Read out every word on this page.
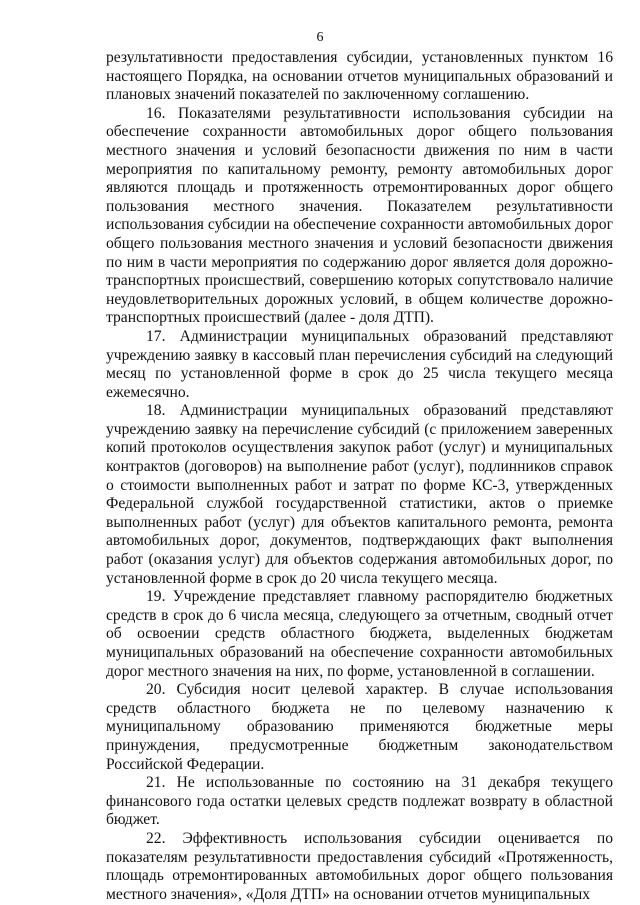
6

результативности предоставления субсидии, установленных пунктом 16 настоящего Порядка, на основании отчетов муниципальных образований и плановых значений показателей по заключенному соглашению.

16. Показателями результативности использования субсидии на обеспечение сохранности автомобильных дорог общего пользования местного значения и условий безопасности движения по ним в части мероприятия по капитальному ремонту, ремонту автомобильных дорог являются площадь и протяженность отремонтированных дорог общего пользования местного значения. Показателем результативности использования субсидии на обеспечение сохранности автомобильных дорог общего пользования местного значения и условий безопасности движения по ним в части мероприятия по содержанию дорог является доля дорожно-транспортных происшествий, совершению которых сопутствовало наличие неудовлетворительных дорожных условий, в общем количестве дорожно-транспортных происшествий (далее - доля ДТП).

17. Администрации муниципальных образований представляют учреждению заявку в кассовый план перечисления субсидий на следующий месяц по установленной форме в срок до 25 числа текущего месяца ежемесячно.

18. Администрации муниципальных образований представляют учреждению заявку на перечисление субсидий (с приложением заверенных копий протоколов осуществления закупок работ (услуг) и муниципальных контрактов (договоров) на выполнение работ (услуг), подлинников справок о стоимости выполненных работ и затрат по форме КС-3, утвержденных Федеральной службой государственной статистики, актов о приемке выполненных работ (услуг) для объектов капитального ремонта, ремонта автомобильных дорог, документов, подтверждающих факт выполнения работ (оказания услуг) для объектов содержания автомобильных дорог, по установленной форме в срок до 20 числа текущего месяца.

19. Учреждение представляет главному распорядителю бюджетных средств в срок до 6 числа месяца, следующего за отчетным, сводный отчет об освоении средств областного бюджета, выделенных бюджетам муниципальных образований на обеспечение сохранности автомобильных дорог местного значения на них, по форме, установленной в соглашении.

20. Субсидия носит целевой характер. В случае использования средств областного бюджета не по целевому назначению к муниципальному образованию применяются бюджетные меры принуждения, предусмотренные бюджетным законодательством Российской Федерации.

21. Не использованные по состоянию на 31 декабря текущего финансового года остатки целевых средств подлежат возврату в областной бюджет.

22. Эффективность использования субсидии оценивается по показателям результативности предоставления субсидий «Протяженность, площадь отремонтированных автомобильных дорог общего пользования местного значения», «Доля ДТП» на основании отчетов муниципальных
